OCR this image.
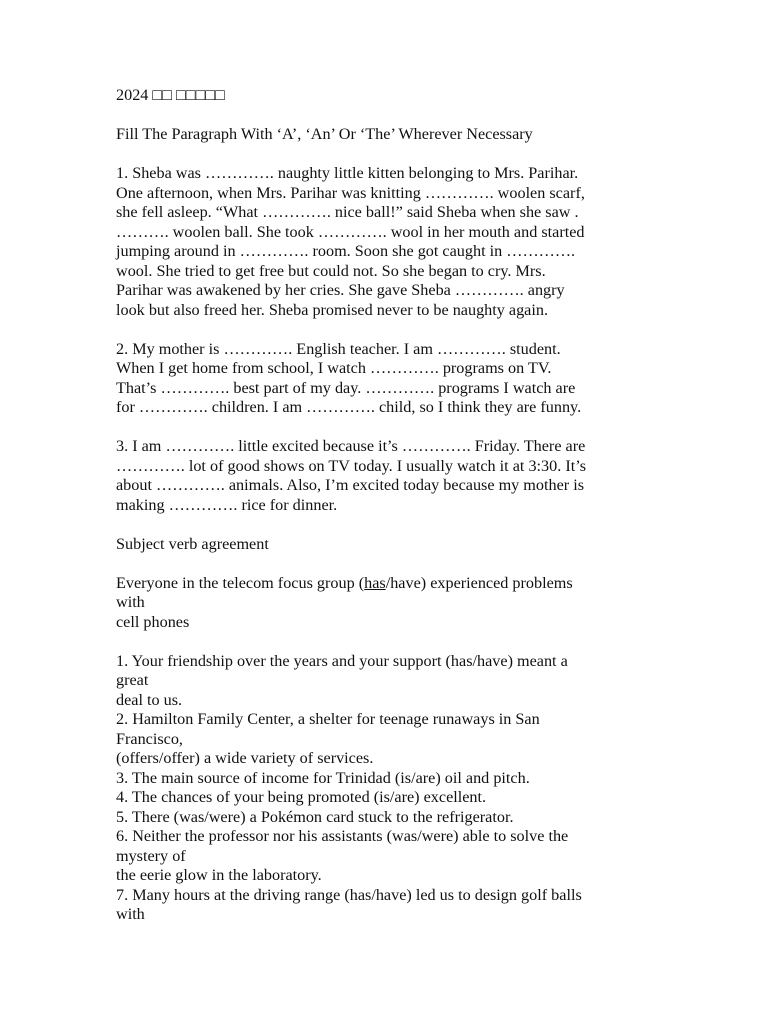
2024 □□ □□□□□

Fill The Paragraph With ‘A’, ‘An’ Or ‘The’ Wherever Necessary

1. Sheba was …………. naughty little kitten belonging to Mrs. Parihar.
One afternoon, when Mrs. Parihar was knitting …………. woolen scarf,
she fell asleep. “What …………. nice ball!” said Sheba when she saw .
………. woolen ball. She took …………. wool in her mouth and started
jumping around in …………. room. Soon she got caught in ………….
wool. She tried to get free but could not. So she began to cry. Mrs.
Parihar was awakened by her cries. She gave Sheba …………. angry
look but also freed her. Sheba promised never to be naughty again.
2. My mother is …………. English teacher. I am …………. student.
When I get home from school, I watch …………. programs on TV.
That’s …………. best part of my day. …………. programs I watch are
for …………. children. I am …………. child, so I think they are funny.
3. I am …………. little excited because it’s …………. Friday. There are
…………. lot of good shows on TV today. I usually watch it at 3:30. It’s
about …………. animals. Also, I’m excited today because my mother is
making …………. rice for dinner.

Subject verb agreement

Everyone in the telecom focus group (has/have) experienced problems
with
cell phones
1. Your friendship over the years and your support (has/have) meant a
great
deal to us.
2. Hamilton Family Center, a shelter for teenage runaways in San
Francisco,
(offers/offer) a wide variety of services.
3. The main source of income for Trinidad (is/are) oil and pitch.
4. The chances of your being promoted (is/are) excellent.
5. There (was/were) a Pokémon card stuck to the refrigerator.
6. Neither the professor nor his assistants (was/were) able to solve the
mystery of
the eerie glow in the laboratory.
7. Many hours at the driving range (has/have) led us to design golf balls
with
